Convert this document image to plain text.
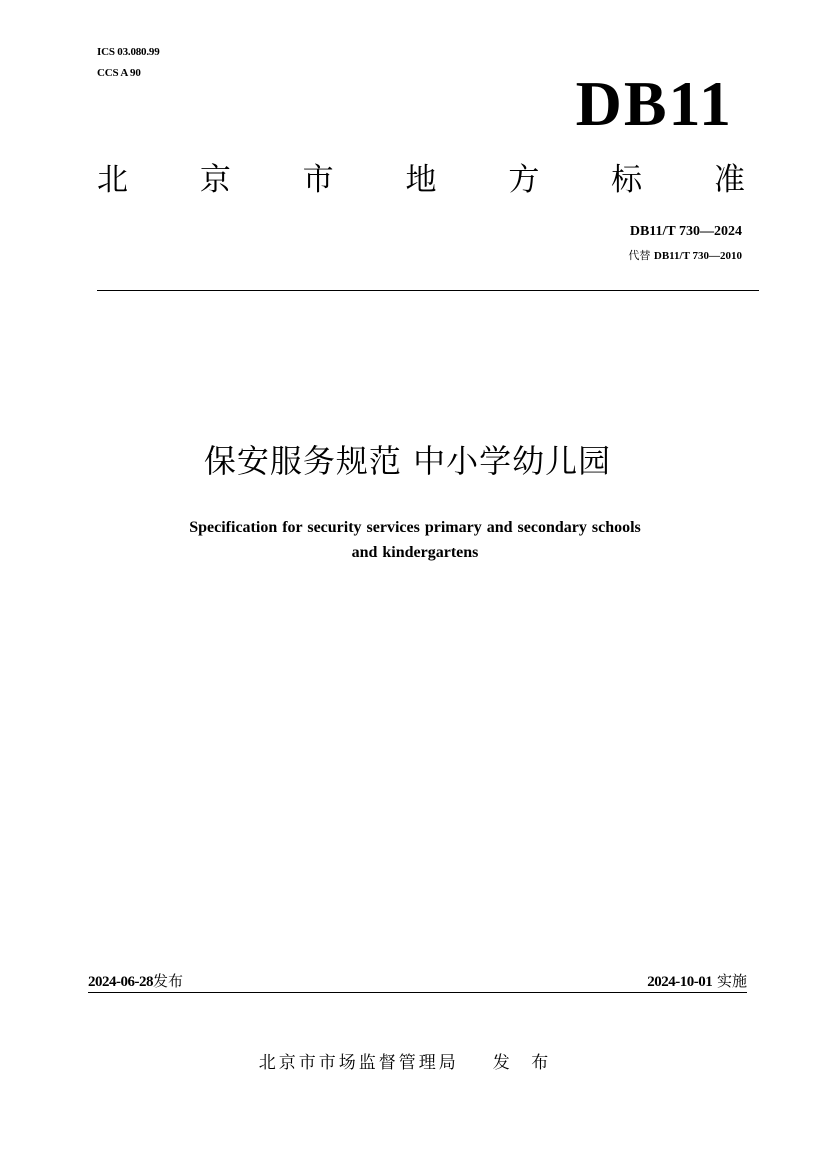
ICS 03.080.99
CCS A 90	DB11
北 京 市 地 方 标 准
DB11/T 730—2024
代替 DB11/T 730—2010
保安服务规范 中小学幼儿园
Specification for security services primary and secondary schools
and kindergartens
2024-06-28发布	2024-10-01 实施
北京市市场监督管理局 发 布
